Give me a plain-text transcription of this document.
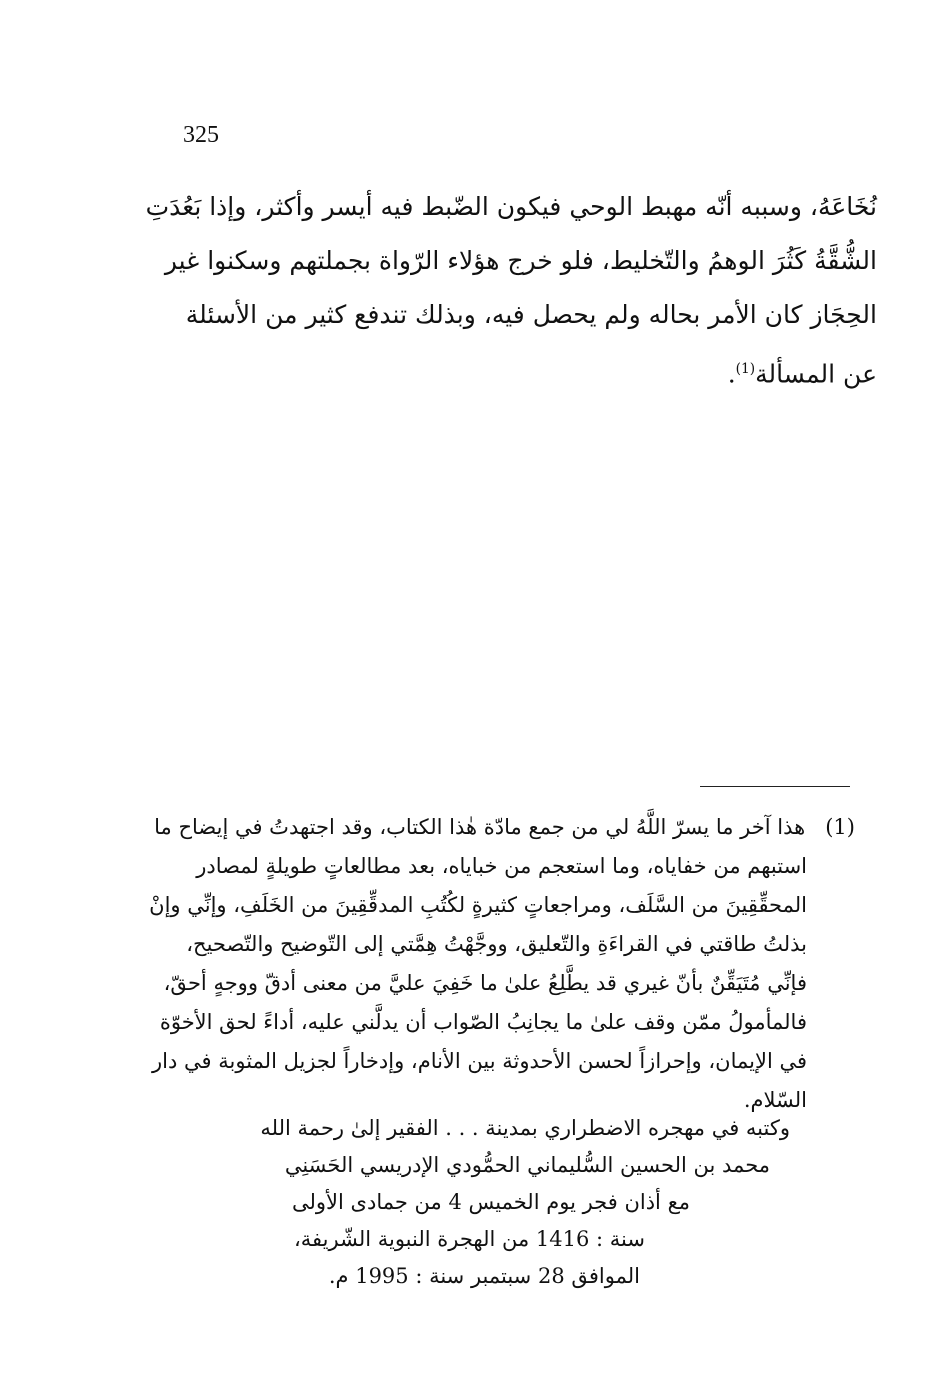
325
نُخَاعَهُ، وسببه أنّه مهبط الوحي فيكون الضّبط فيه أيسر وأكثر، وإذا بَعُدَتِ
الشُّقَّةُ كَثُرَ الوهمُ والتّخليط، فلو خرج هؤلاء الرّواة بجملتهم وسكنوا غير
الحِجَاز كان الأمر بحاله ولم يحصل فيه، وبذلك تندفع كثير من الأسئلة
عن المسألة$^{(1)}$.
(1)   هذا آخر ما يسرّ اللَّهُ لي من جمع مادّة هٰذا الكتاب، وقد اجتهدتُ في إيضاح ما
استبهم من خفاياه، وما استعجم من خباياه، بعد مطالعاتٍ طويلةٍ لمصادر
المحقِّقِينَ من السَّلَف، ومراجعاتٍ كثيرةٍ لكُتُبِ المدقِّقِينَ من الخَلَفِ، وإنِّي وإنْ
بذلتُ طاقتي في القراءَةِ والتّعليق، ووجَّهْتُ هِمَّتي إلى التّوضيح والتّصحيح،
فإنِّي مُتَيَقِّنٌ بأنّ غيري قد يطَّلِعُ علىٰ ما خَفِيَ عليَّ من معنى أدقّ ووجهٍ أحقّ،
فالمأمولُ ممّن وقف علىٰ ما يجانِبُ الصّواب أن يدلَّني عليه، أداءً لحق الأخوّة
في الإيمان، وإحرازاً لحسن الأحدوثة بين الأنام، وإدخاراً لجزيل المثوبة في دار
السّلام.
وكتبه في مهجره الاضطراري بمدينة . . . الفقير إلىٰ رحمة الله
محمد بن الحسين السُّليماني الحمُّودي الإدريسي الحَسَنِي
مع أذان فجر يوم الخميس 4 من جمادى الأولى
سنة : 1416 من الهجرة النبوية الشّريفة،
الموافق 28 سبتمبر سنة : 1995 م.
